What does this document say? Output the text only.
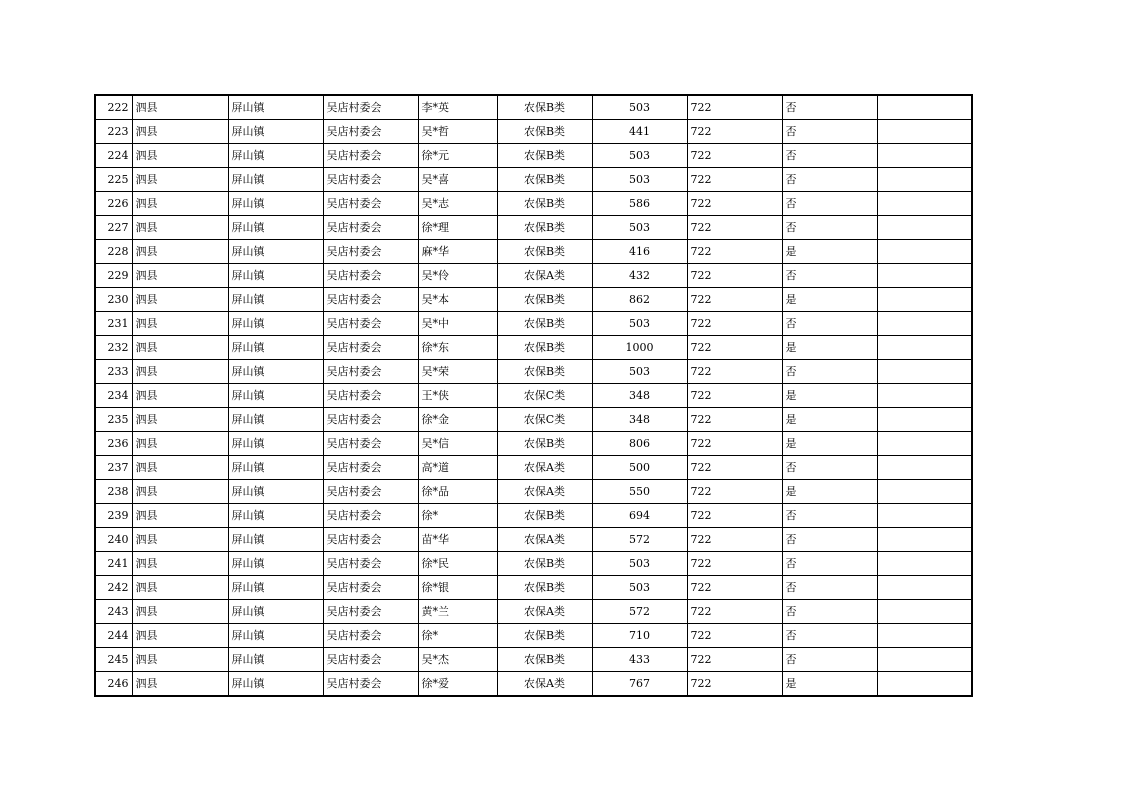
222	泗县	屏山镇	吴店村委会	李*英	农保B类	503	722	否	
223	泗县	屏山镇	吴店村委会	吴*哲	农保B类	441	722	否	
224	泗县	屏山镇	吴店村委会	徐*元	农保B类	503	722	否	
225	泗县	屏山镇	吴店村委会	吴*喜	农保B类	503	722	否	
226	泗县	屏山镇	吴店村委会	吴*志	农保B类	586	722	否	
227	泗县	屏山镇	吴店村委会	徐*理	农保B类	503	722	否	
228	泗县	屏山镇	吴店村委会	麻*华	农保B类	416	722	是	
229	泗县	屏山镇	吴店村委会	吴*伶	农保A类	432	722	否	
230	泗县	屏山镇	吴店村委会	吴*本	农保B类	862	722	是	
231	泗县	屏山镇	吴店村委会	吴*中	农保B类	503	722	否	
232	泗县	屏山镇	吴店村委会	徐*东	农保B类	1000	722	是	
233	泗县	屏山镇	吴店村委会	吴*荣	农保B类	503	722	否	
234	泗县	屏山镇	吴店村委会	王*侠	农保C类	348	722	是	
235	泗县	屏山镇	吴店村委会	徐*金	农保C类	348	722	是	
236	泗县	屏山镇	吴店村委会	吴*信	农保B类	806	722	是	
237	泗县	屏山镇	吴店村委会	高*道	农保A类	500	722	否	
238	泗县	屏山镇	吴店村委会	徐*品	农保A类	550	722	是	
239	泗县	屏山镇	吴店村委会	徐*	农保B类	694	722	否	
240	泗县	屏山镇	吴店村委会	苗*华	农保A类	572	722	否	
241	泗县	屏山镇	吴店村委会	徐*民	农保B类	503	722	否	
242	泗县	屏山镇	吴店村委会	徐*银	农保B类	503	722	否	
243	泗县	屏山镇	吴店村委会	黄*兰	农保A类	572	722	否	
244	泗县	屏山镇	吴店村委会	徐*	农保B类	710	722	否	
245	泗县	屏山镇	吴店村委会	吴*杰	农保B类	433	722	否	
246	泗县	屏山镇	吴店村委会	徐*爱	农保A类	767	722	是	
